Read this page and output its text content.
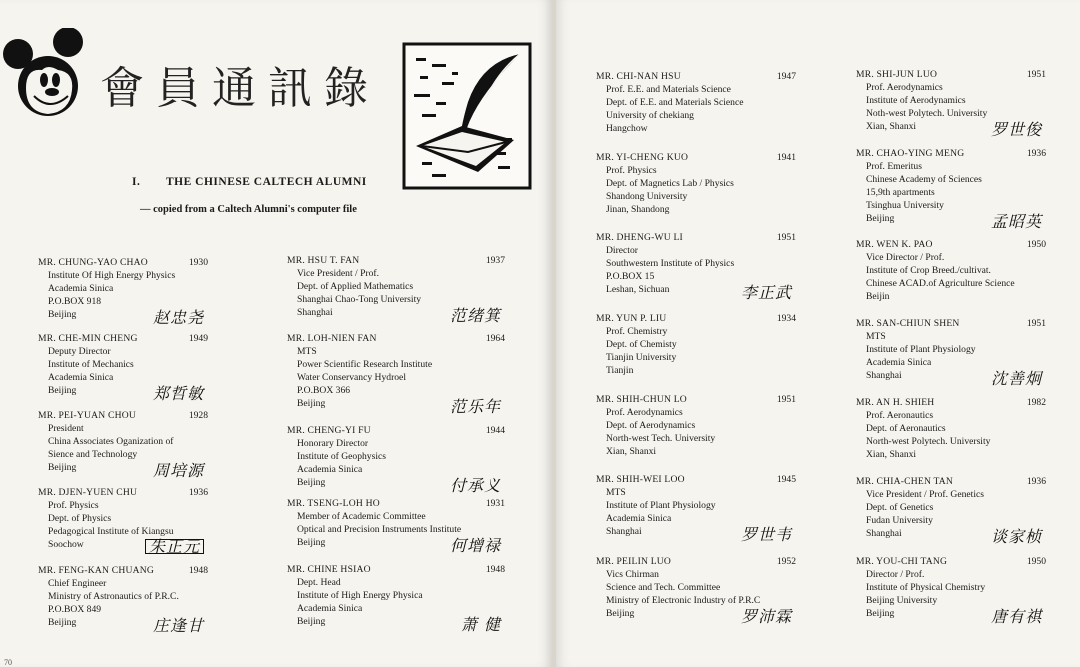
會員通訊錄
I. THE CHINESE CALTECH ALUMNI
— copied from a Caltech Alumni's computer file
MR. CHUNG-YAO CHAO	1930
Institute Of High Energy Physics
Academia Sinica
P.O.BOX 918
Beijing	赵忠尧
MR. CHE-MIN CHENG	1949
Deputy Director
Institute of Mechanics
Academia Sinica
Beijing	郑哲敏
MR. PEI-YUAN CHOU	1928
President
China Associates Oganization of
Sience and Technology
Beijing	周培源
MR. DJEN-YUEN CHU	1936
Prof. Physics
Dept. of Physics
Pedagogical Institute of Kiangsu
Soochow	朱正元
MR. FENG-KAN CHUANG	1948
Chief Engineer
Ministry of Astronautics of P.R.C.
P.O.BOX 849
Beijing	庄逢甘
MR. HSU T. FAN	1937
Vice President / Prof.
Dept. of Applied Mathematics
Shanghai Chao-Tong University
Shanghai	范绪箕
MR. LOH-NIEN FAN	1964
MTS
Power Scientific Research Institute
Water Conservancy Hydroel
P.O.BOX 366
Beijing	范乐年
MR. CHENG-YI FU	1944
Honorary Director
Institute of Geophysics
Academia Sinica
Beijing	付承义
MR. TSENG-LOH HO	1931
Member of Academic Committee
Optical and Precision Instruments Institute
Beijing	何增禄
MR. CHINE HSIAO	1948
Dept. Head
Institute of High Energy Physica
Academia Sinica
Beijing	萧 健
70
MR. CHI-NAN HSU	1947
Prof. E.E. and Materials Science
Dept. of E.E. and Materials Science
University of chekiang
Hangchow
MR. YI-CHENG KUO	1941
Prof. Physics
Dept. of Magnetics Lab / Physics
Shandong University
Jinan, Shandong
MR. DHENG-WU LI	1951
Director
Southwestern Institute of Physics
P.O.BOX 15
Leshan, Sichuan	李正武
MR. YUN P. LIU	1934
Prof. Chemistry
Dept. of Chemisty
Tianjin University
Tianjin
MR. SHIH-CHUN LO	1951
Prof. Aerodynamics
Dept. of Aerodynamics
North-west Tech. University
Xian, Shanxi
MR. SHIH-WEI LOO	1945
MTS
Institute of Plant Physiology
Academia Sinica
Shanghai	罗世韦
MR. PEILIN LUO	1952
Vics Chirman
Science and Tech. Committee
Ministry of Electronic Industry of P.R.C
Beijing	罗沛霖
MR. SHI-JUN LUO	1951
Prof. Aerodynamics
Institute of Aerodynamics
Noth-west Polytech. University
Xian, Shanxi	罗世俊
MR. CHAO-YING MENG	1936
Prof. Emeritus
Chinese Academy of Sciences
15,9th apartments
Tsinghua University
Beijing	孟昭英
MR. WEN K. PAO	1950
Vice Director / Prof.
Institute of Crop Breed./cultivat.
Chinese ACAD.of Agriculture Science
Beijin
MR. SAN-CHIUN SHEN	1951
MTS
Institute of Plant Physiology
Academia Sinica
Shanghai	沈善炯
MR. AN H. SHIEH	1982
Prof. Aeronautics
Dept. of Aeronautics
North-west Polytech. University
Xian, Shanxi
MR. CHIA-CHEN TAN	1936
Vice President / Prof. Genetics
Dept. of Genetics
Fudan University
Shanghai	谈家桢
MR. YOU-CHI TANG	1950
Director / Prof.
Institute of Physical Chemistry
Beijing University
Beijing	唐有祺
